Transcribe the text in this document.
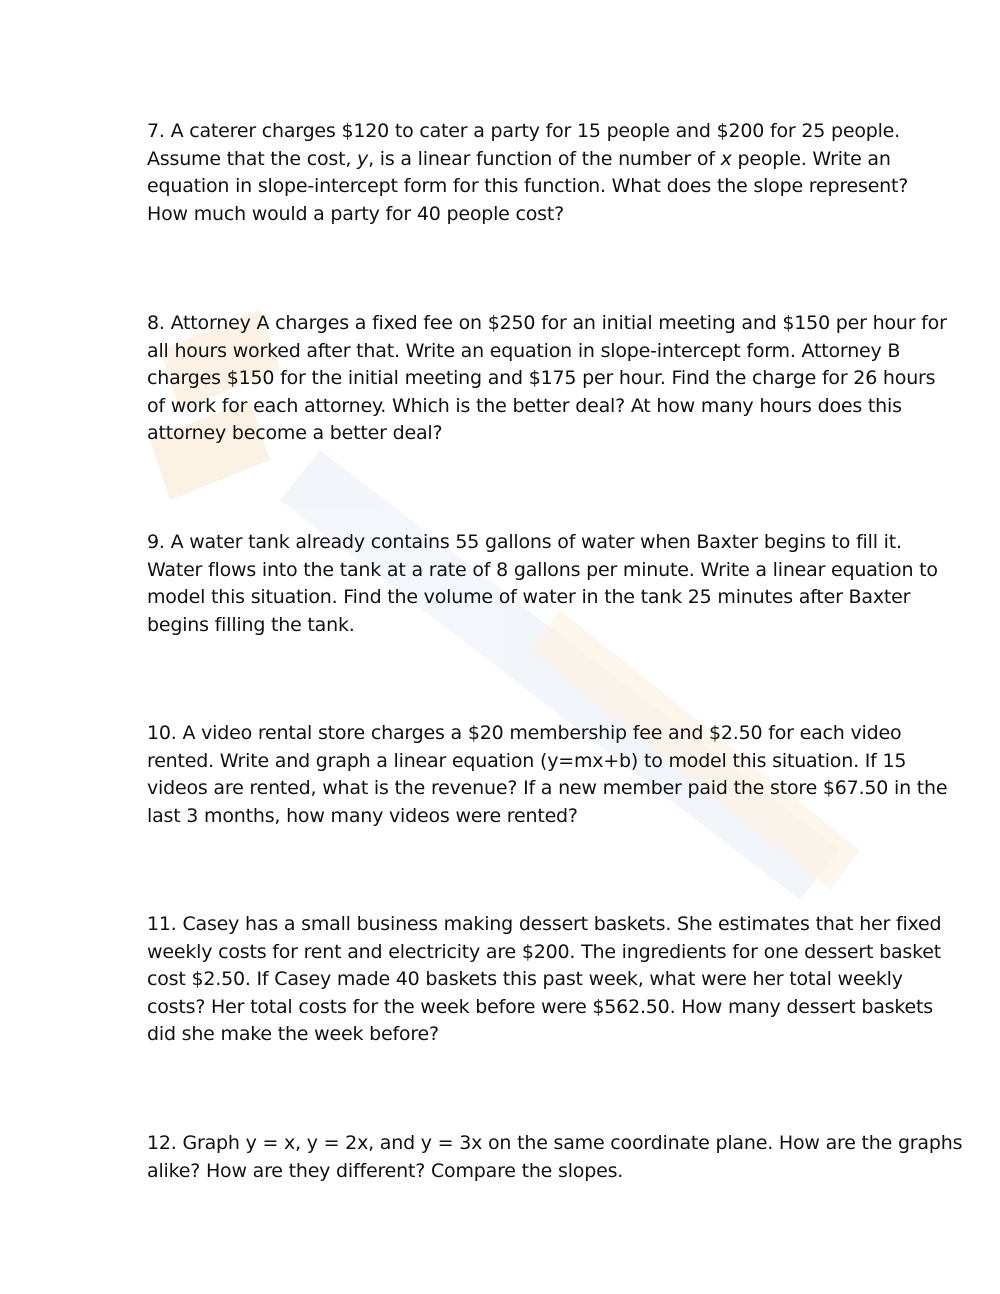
7. A caterer charges $120 to cater a party for 15 people and $200 for 25 people.
Assume that the cost, y, is a linear function of the number of x people. Write an
equation in slope-intercept form for this function. What does the slope represent?
How much would a party for 40 people cost?

8. Attorney A charges a fixed fee on $250 for an initial meeting and $150 per hour for
all hours worked after that. Write an equation in slope-intercept form. Attorney B
charges $150 for the initial meeting and $175 per hour. Find the charge for 26 hours
of work for each attorney. Which is the better deal? At how many hours does this
attorney become a better deal?

9. A water tank already contains 55 gallons of water when Baxter begins to fill it.
Water flows into the tank at a rate of 8 gallons per minute. Write a linear equation to
model this situation. Find the volume of water in the tank 25 minutes after Baxter
begins filling the tank.

10. A video rental store charges a $20 membership fee and $2.50 for each video
rented. Write and graph a linear equation (y=mx+b) to model this situation. If 15
videos are rented, what is the revenue? If a new member paid the store $67.50 in the
last 3 months, how many videos were rented?

11. Casey has a small business making dessert baskets. She estimates that her fixed
weekly costs for rent and electricity are $200. The ingredients for one dessert basket
cost $2.50. If Casey made 40 baskets this past week, what were her total weekly
costs? Her total costs for the week before were $562.50. How many dessert baskets
did she make the week before?

12. Graph y = x, y = 2x, and y = 3x on the same coordinate plane. How are the graphs
alike? How are they different? Compare the slopes.
